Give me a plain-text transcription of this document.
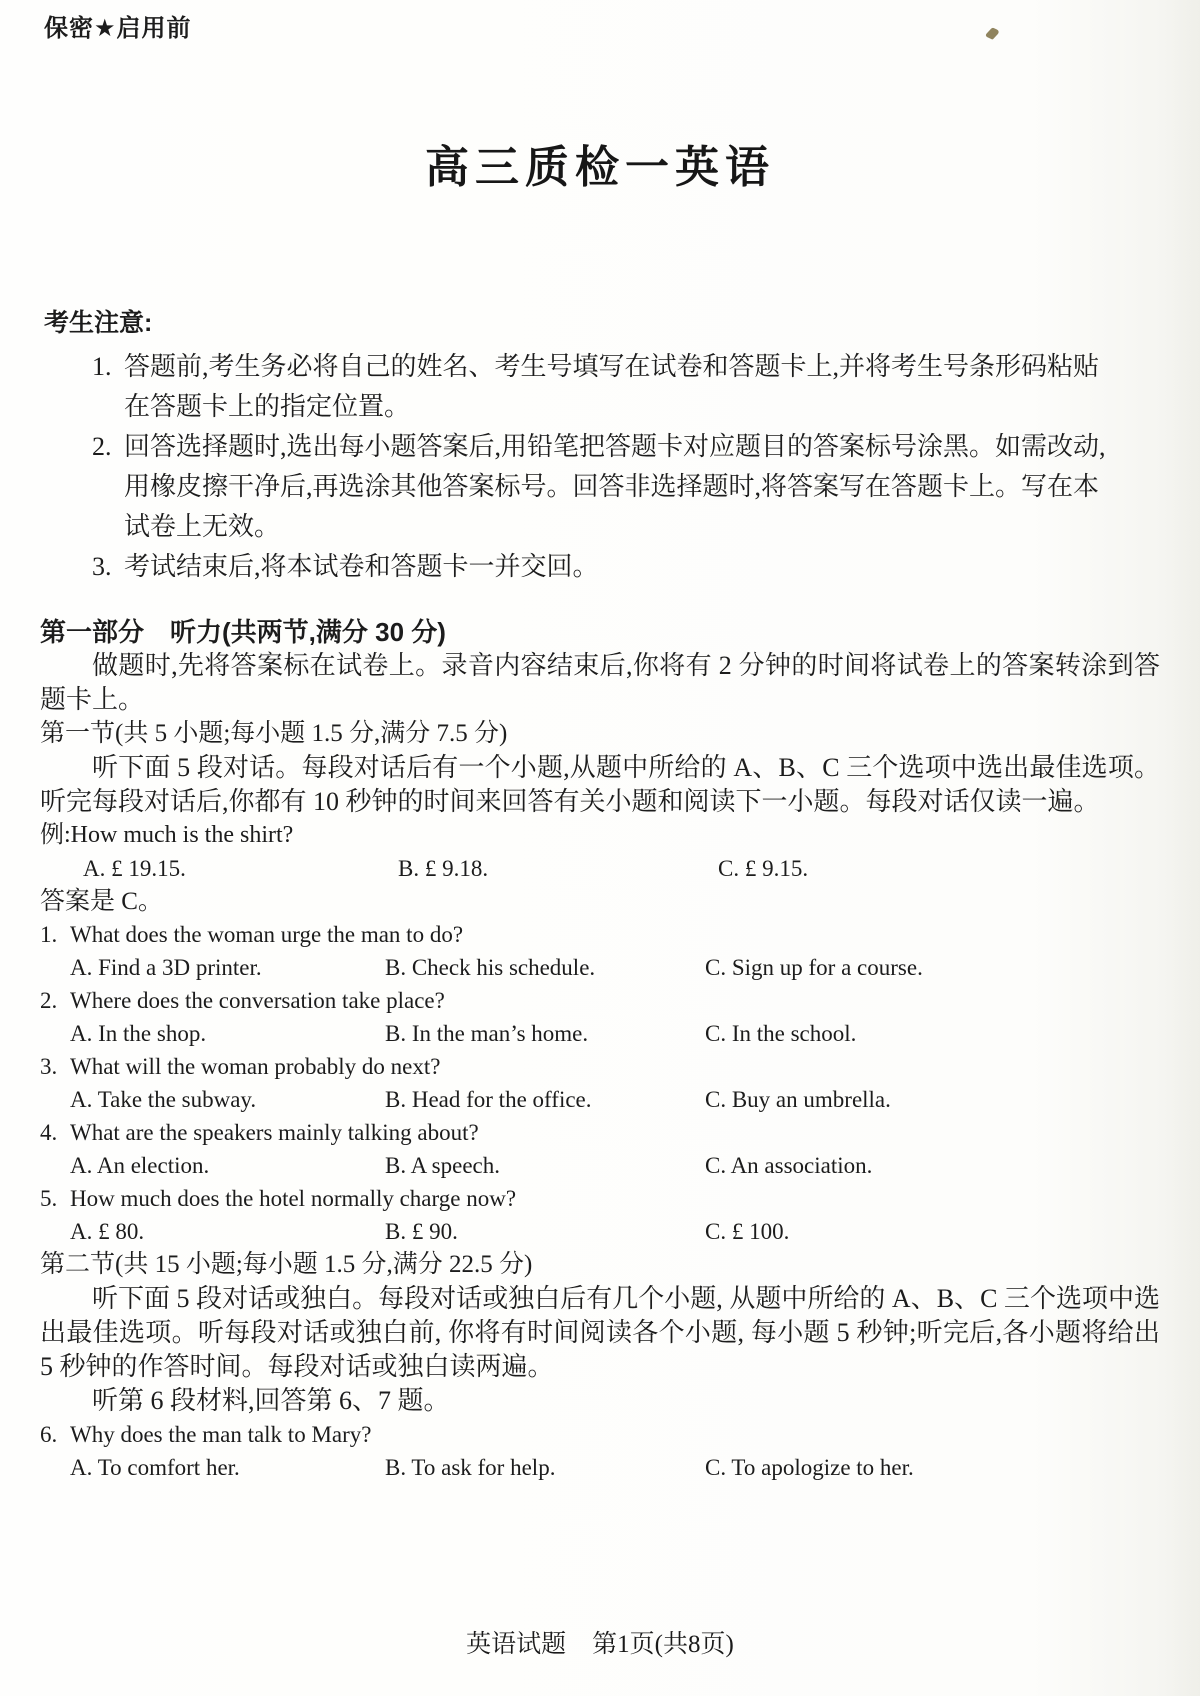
保密★启用前
高三质检一英语
考生注意:
1. 答题前,考生务必将自己的姓名、考生号填写在试卷和答题卡上,并将考生号条形码粘贴在答题卡上的指定位置。
2. 回答选择题时,选出每小题答案后,用铅笔把答题卡对应题目的答案标号涂黑。如需改动,用橡皮擦干净后,再选涂其他答案标号。回答非选择题时,将答案写在答题卡上。写在本试卷上无效。
3. 考试结束后,将本试卷和答题卡一并交回。
第一部分　听力(共两节,满分 30 分)
做题时,先将答案标在试卷上。录音内容结束后,你将有 2 分钟的时间将试卷上的答案转涂到答题卡上。
第一节(共 5 小题;每小题 1.5 分,满分 7.5 分)
听下面 5 段对话。每段对话后有一个小题,从题中所给的 A、B、C 三个选项中选出最佳选项。听完每段对话后,你都有 10 秒钟的时间来回答有关小题和阅读下一小题。每段对话仅读一遍。
例:How much is the shirt?
A. £ 19.15.	B. £ 9.18.	C. £ 9.15.
答案是 C。
1. What does the woman urge the man to do?
A. Find a 3D printer.	B. Check his schedule.	C. Sign up for a course.
2. Where does the conversation take place?
A. In the shop.	B. In the man’s home.	C. In the school.
3. What will the woman probably do next?
A. Take the subway.	B. Head for the office.	C. Buy an umbrella.
4. What are the speakers mainly talking about?
A. An election.	B. A speech.	C. An association.
5. How much does the hotel normally charge now?
A. £ 80.	B. £ 90.	C. £ 100.
第二节(共 15 小题;每小题 1.5 分,满分 22.5 分)
听下面 5 段对话或独白。每段对话或独白后有几个小题, 从题中所给的 A、B、C 三个选项中选出最佳选项。听每段对话或独白前, 你将有时间阅读各个小题, 每小题 5 秒钟;听完后,各小题将给出 5 秒钟的作答时间。每段对话或独白读两遍。
听第 6 段材料,回答第 6、7 题。
6. Why does the man talk to Mary?
A. To comfort her.	B. To ask for help.	C. To apologize to her.
英语试题 第1页(共8页)
